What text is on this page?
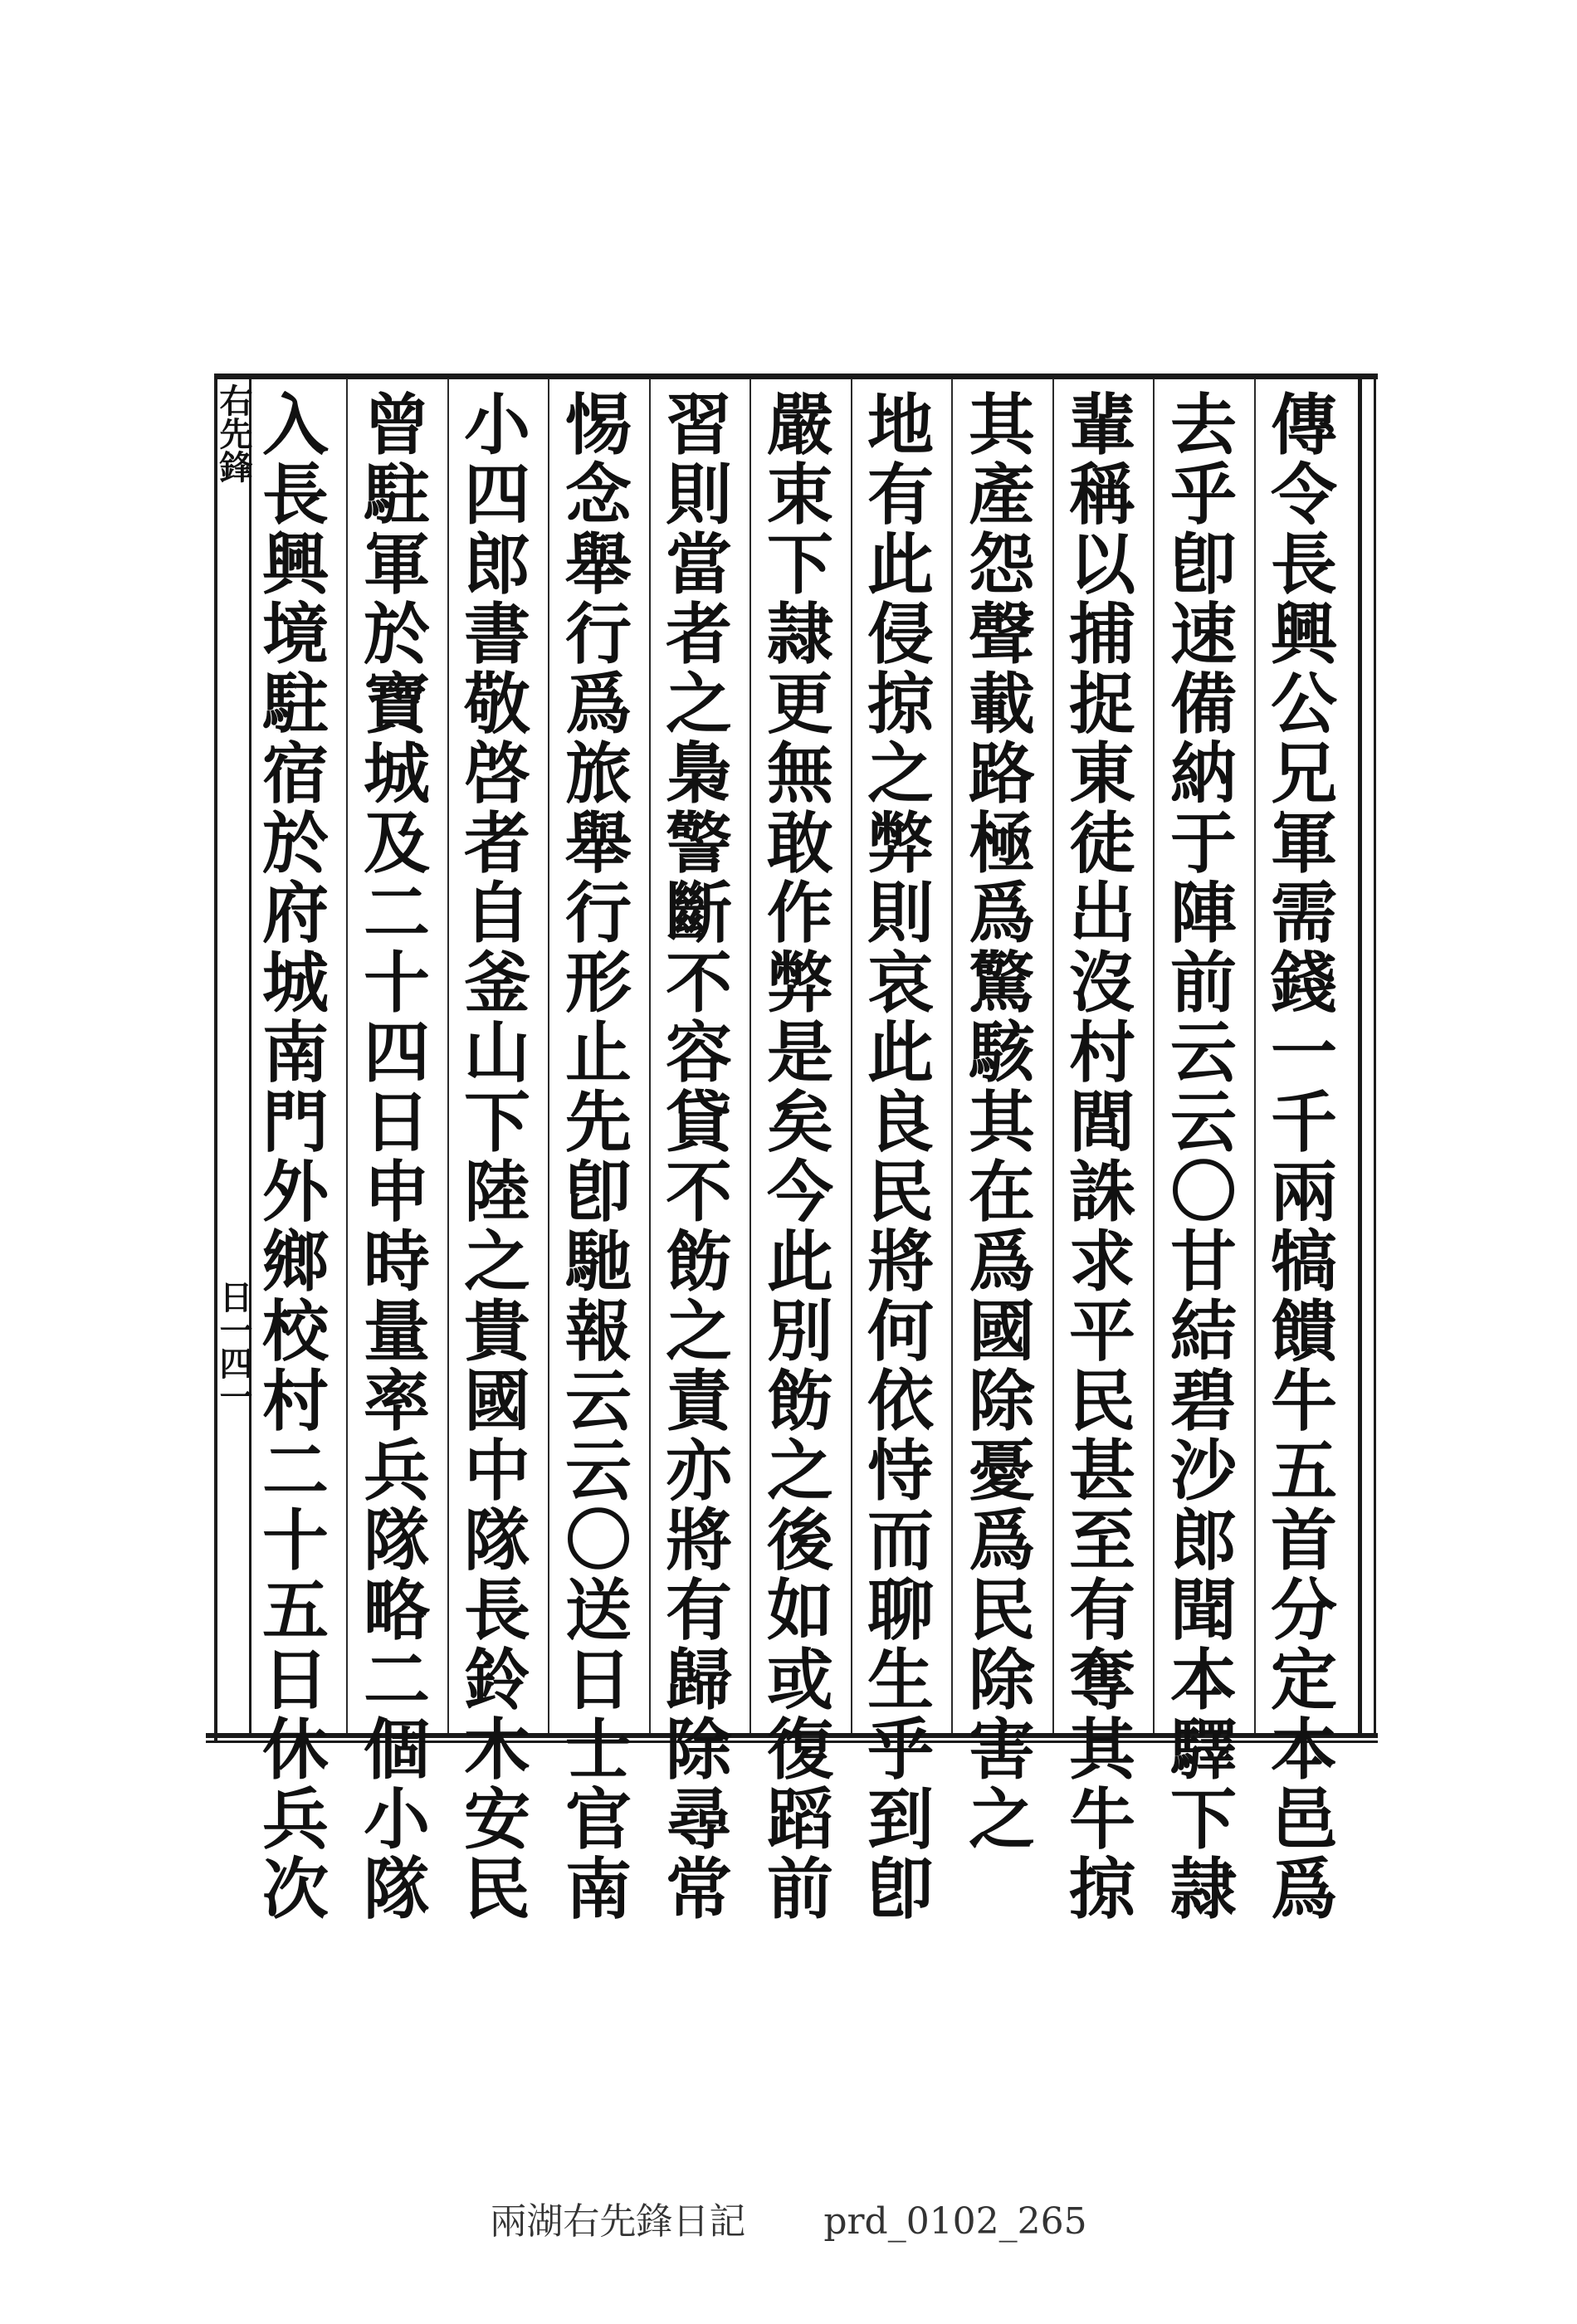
傳
令
長
興
公
兄
軍
需
錢
一
千
兩
犒
饋
牛
五
首
分
定
本
邑
爲
去
乎
卽
速
備
納
于
陣
前
云
云
〇
甘
結
碧
沙
郎
聞
本
驛
下
隷
輩
稱
以
捕
捉
東
徒
出
沒
村
閭
誅
求
平
民
甚
至
有
奪
其
牛
掠
其
產
怨
聲
載
路
極
爲
驚
駭
其
在
爲
國
除
憂
爲
民
除
害
之
地
有
此
侵
掠
之
弊
則
哀
此
良
民
將
何
依
恃
而
聊
生
乎
到
卽
嚴
束
下
隷
更
無
敢
作
弊
是
矣
今
此
別
飭
之
後
如
或
復
蹈
前
習
則
當
者
之
梟
警
斷
不
容
貸
不
飭
之
責
亦
將
有
歸
除
尋
常
惕
念
舉
行
爲
旅
舉
行
形
止
先
卽
馳
報
云
云
〇
送
日
士
官
南
小
四
郎
書
敬
啓
者
自
釜
山
下
陸
之
貴
國
中
隊
長
鈴
木
安
民
曾
駐
軍
於
寶
城
及
二
十
四
日
申
時
量
率
兵
隊
略
二
個
小
隊
入
長
興
境
駐
宿
於
府
城
南
門
外
鄉
校
村
二
十
五
日
休
兵
次
右先鋒
日一四一
兩湖右先鋒日記 prd_0102_265
